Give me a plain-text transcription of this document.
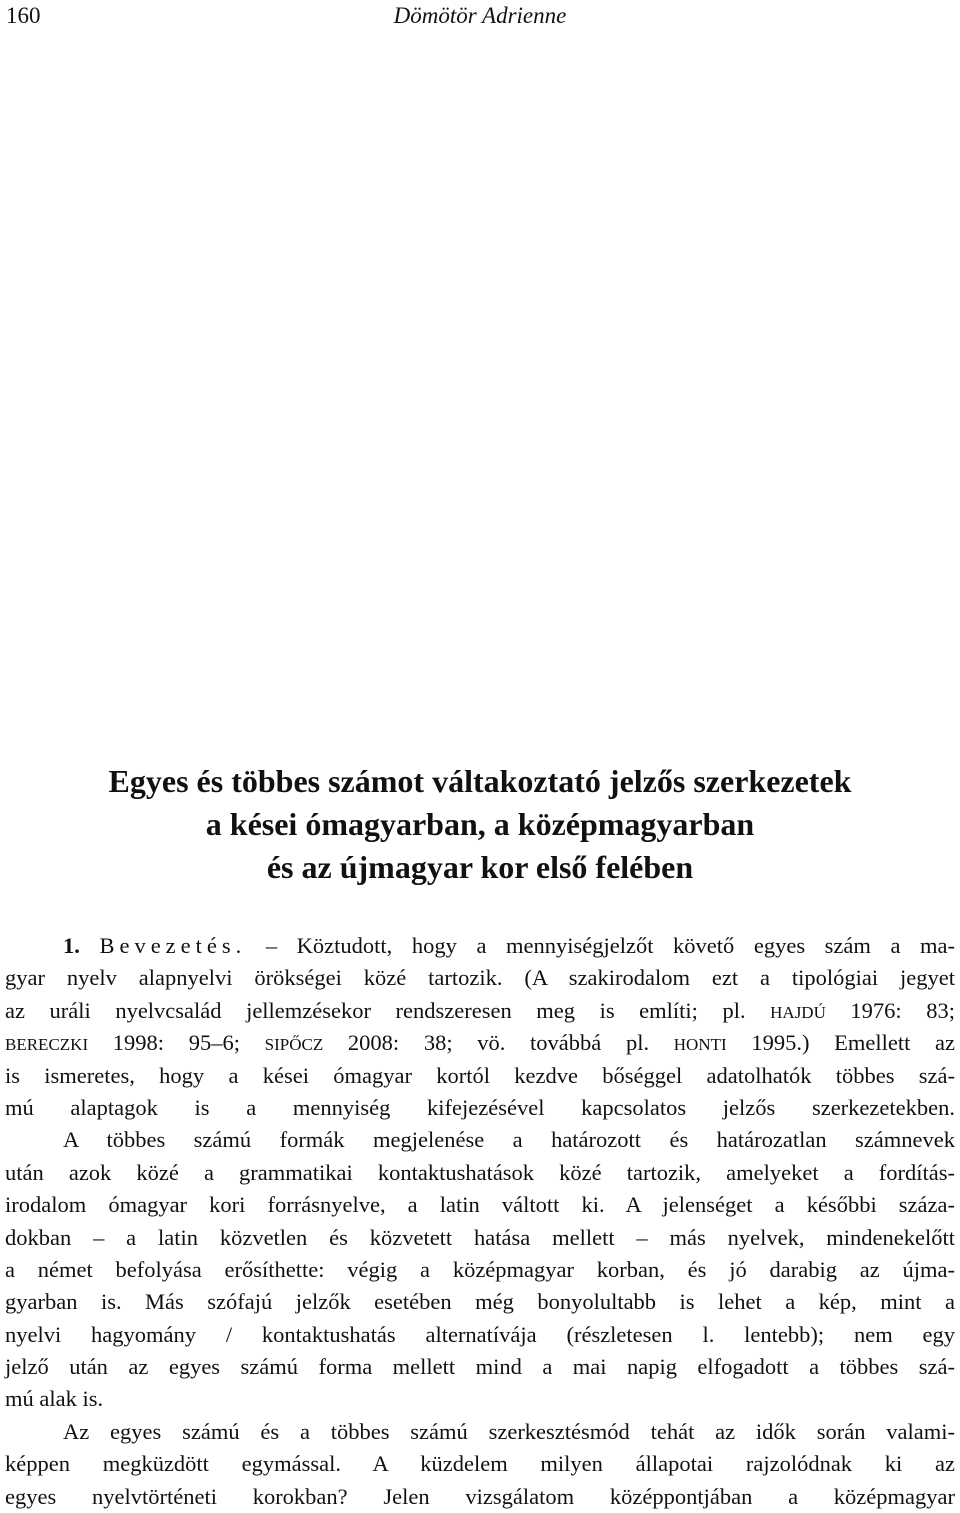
160	Dömötör Adrienne
Egyes és többes számot váltakoztató jelzős szerkezetek
a kései ómagyarban, a középmagyarban
és az újmagyar kor első felében
1. Bevezetés. – Köztudott, hogy a mennyiségjelzőt követő egyes szám a ma-
gyar nyelv alapnyelvi örökségei közé tartozik. (A szakirodalom ezt a tipológiai jegyet
az uráli nyelvcsalád jellemzésekor rendszeresen meg is említi; pl. HAJDÚ 1976: 83;
BERECZKI 1998: 95–6; SIPŐCZ 2008: 38; vö. továbbá pl. HONTI 1995.) Emellett az
is ismeretes, hogy a kései ómagyar kortól kezdve bőséggel adatolhatók többes szá-
mú alaptagok is a mennyiség kifejezésével kapcsolatos jelzős szerkezetekben.
A többes számú formák megjelenése a határozott és határozatlan számnevek
után azok közé a grammatikai kontaktushatások közé tartozik, amelyeket a fordítás-
irodalom ómagyar kori forrásnyelve, a latin váltott ki. A jelenséget a későbbi száza-
dokban – a latin közvetlen és közvetett hatása mellett – más nyelvek, mindenekelőtt
a német befolyása erősíthette: végig a középmagyar korban, és jó darabig az újma-
gyarban is. Más szófajú jelzők esetében még bonyolultabb is lehet a kép, mint a
nyelvi hagyomány / kontaktushatás alternatívája (részletesen l. lentebb); nem egy
jelző után az egyes számú forma mellett mind a mai napig elfogadott a többes szá-
mú alak is.
Az egyes számú és a többes számú szerkesztésmód tehát az idők során valami-
képpen megküzdött egymással. A küzdelem milyen állapotai rajzolódnak ki az
egyes nyelvtörténeti korokban? Jelen vizsgálatom középpontjában a középmagyar
